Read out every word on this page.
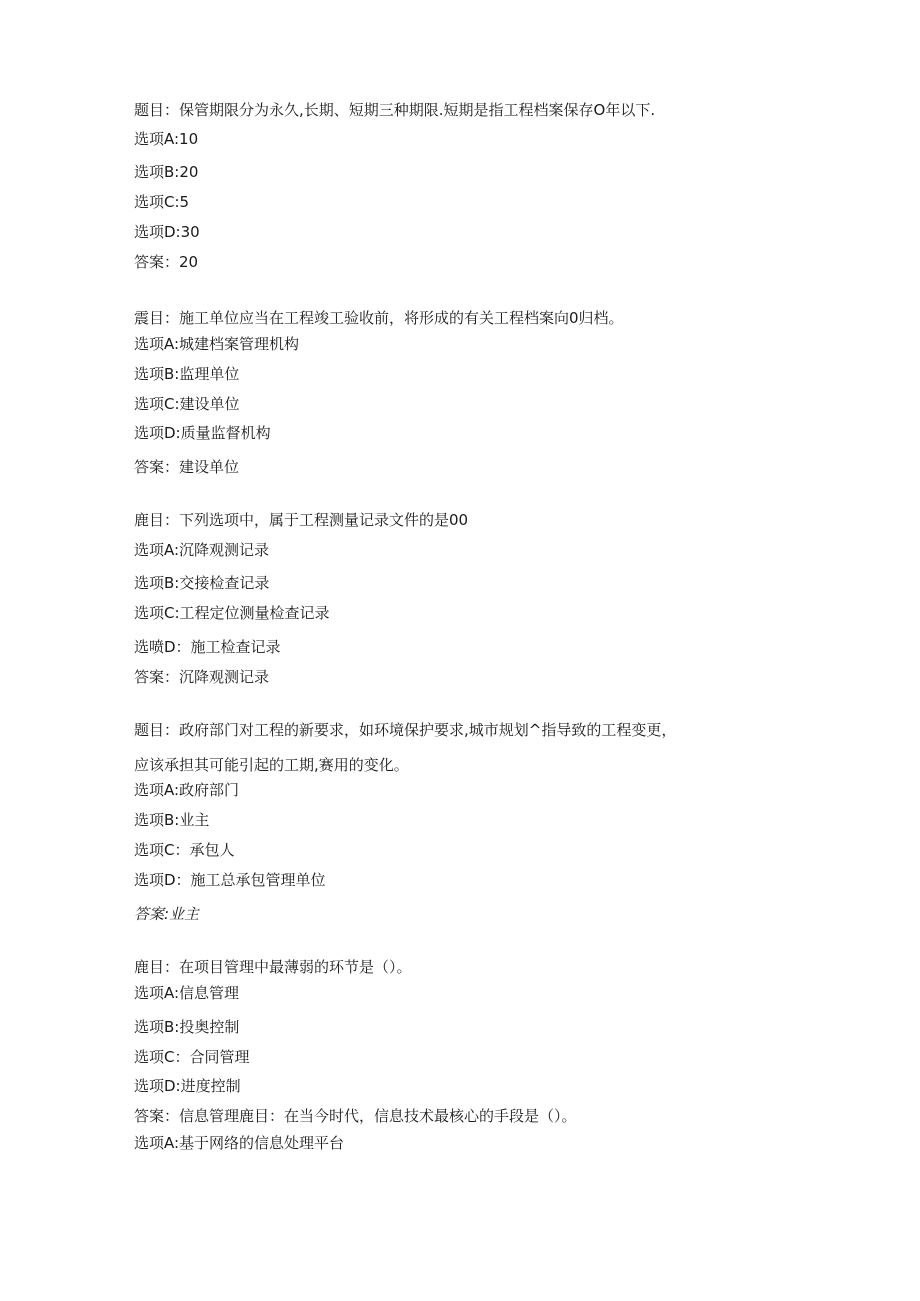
题目：保管期限分为永久,长期、短期三种期限.短期是指工程档案保存O年以下.
选项A:10
选项B:20
选项C:5
选项D:30
答案：20
震目：施工单位应当在工程竣工验收前，将形成的有关工程档案向0归档。
选项A:城建档案管理机构
选项B:监理单位
选项C:建设单位
选项D:质量监督机构
答案：建设单位
鹿目：下列选项中，属于工程测量记录文件的是00
选项A:沉降观测记录
选项B:交接检查记录
选项C:工程定位测量检查记录
选喷D：施工检查记录
答案：沉降观测记录
题目：政府部门对工程的新要求，如环境保护要求,城市规划^指导致的工程变更，
应该承担其可能引起的工期,赛用的变化。
选项A:政府部门
选项B:业主
选项C：承包人
选项D：施工总承包管理单位
答案:业主
鹿目：在项目管理中最薄弱的环节是（）。
选项A:信息管理
选项B:投奥控制
选项C：合同管理
选项D:进度控制
答案：信息管理鹿目：在当今时代，信息技术最核心的手段是（）。
选项A:基于网络的信息处理平台
